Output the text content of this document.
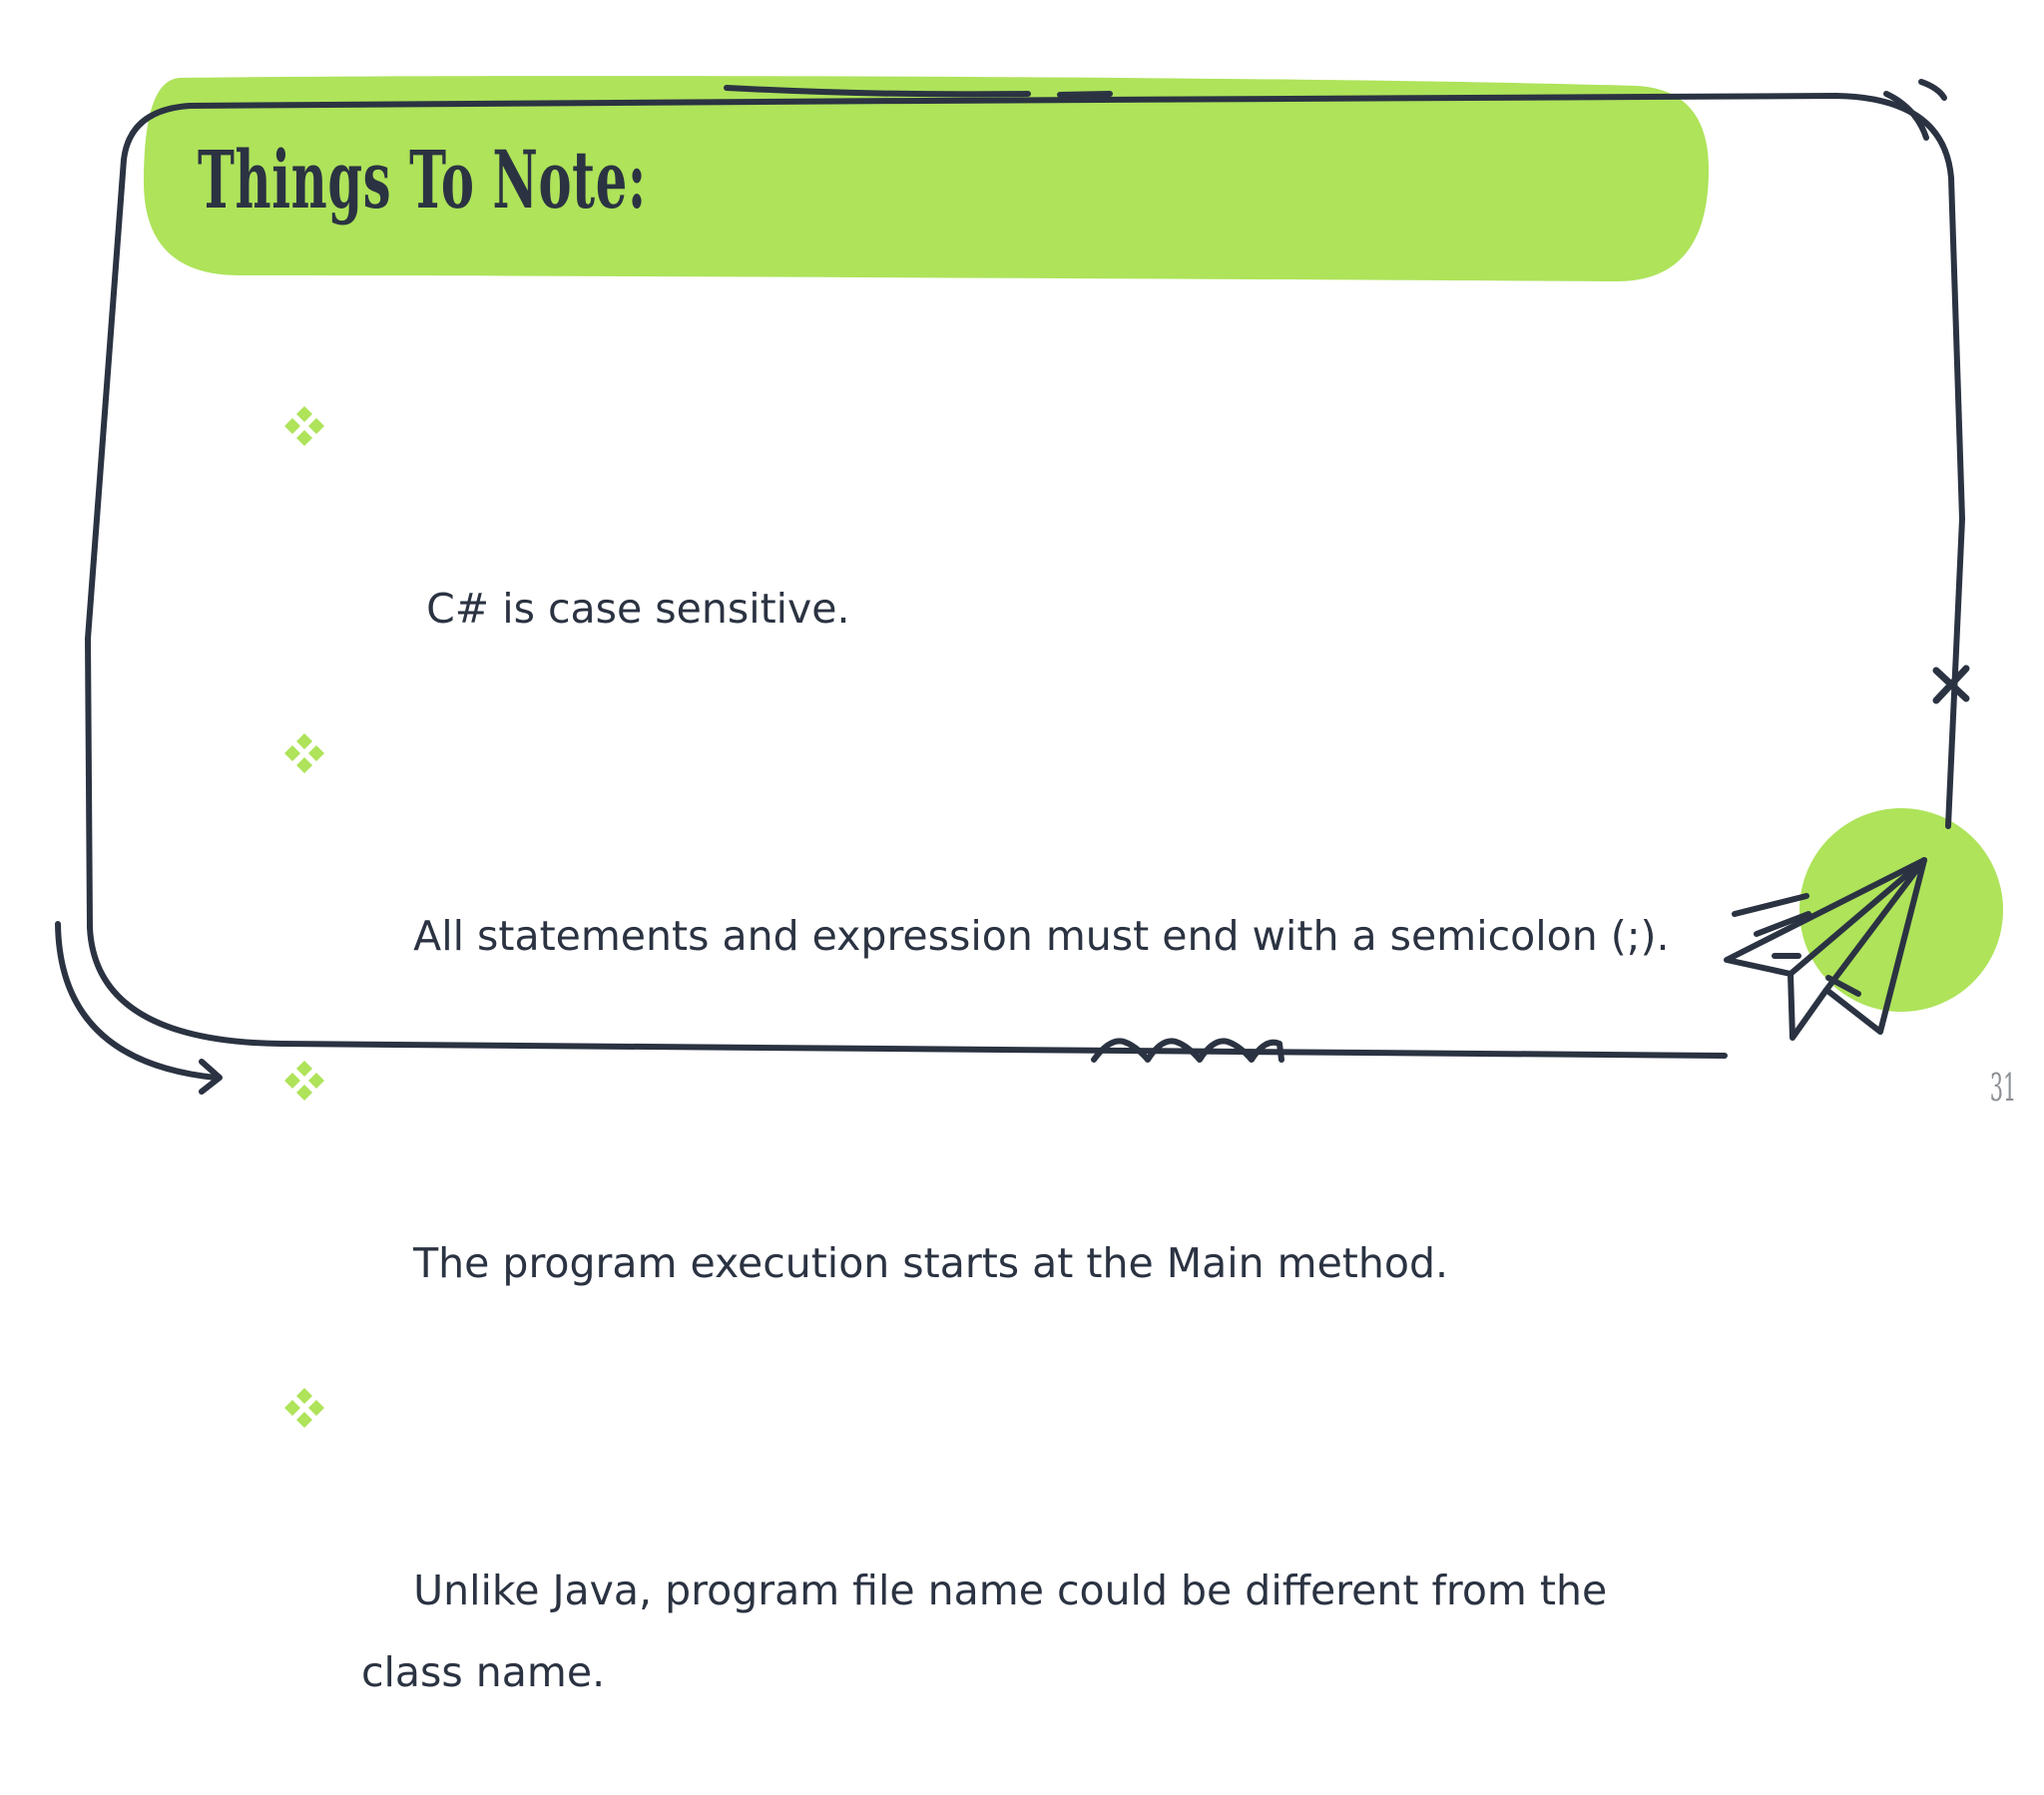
Things To Note:

C# is case sensitive.

All statements and expression must end with a semicolon (;).

The program execution starts at the Main method.

Unlike Java, program file name could be different from the class name.

31
